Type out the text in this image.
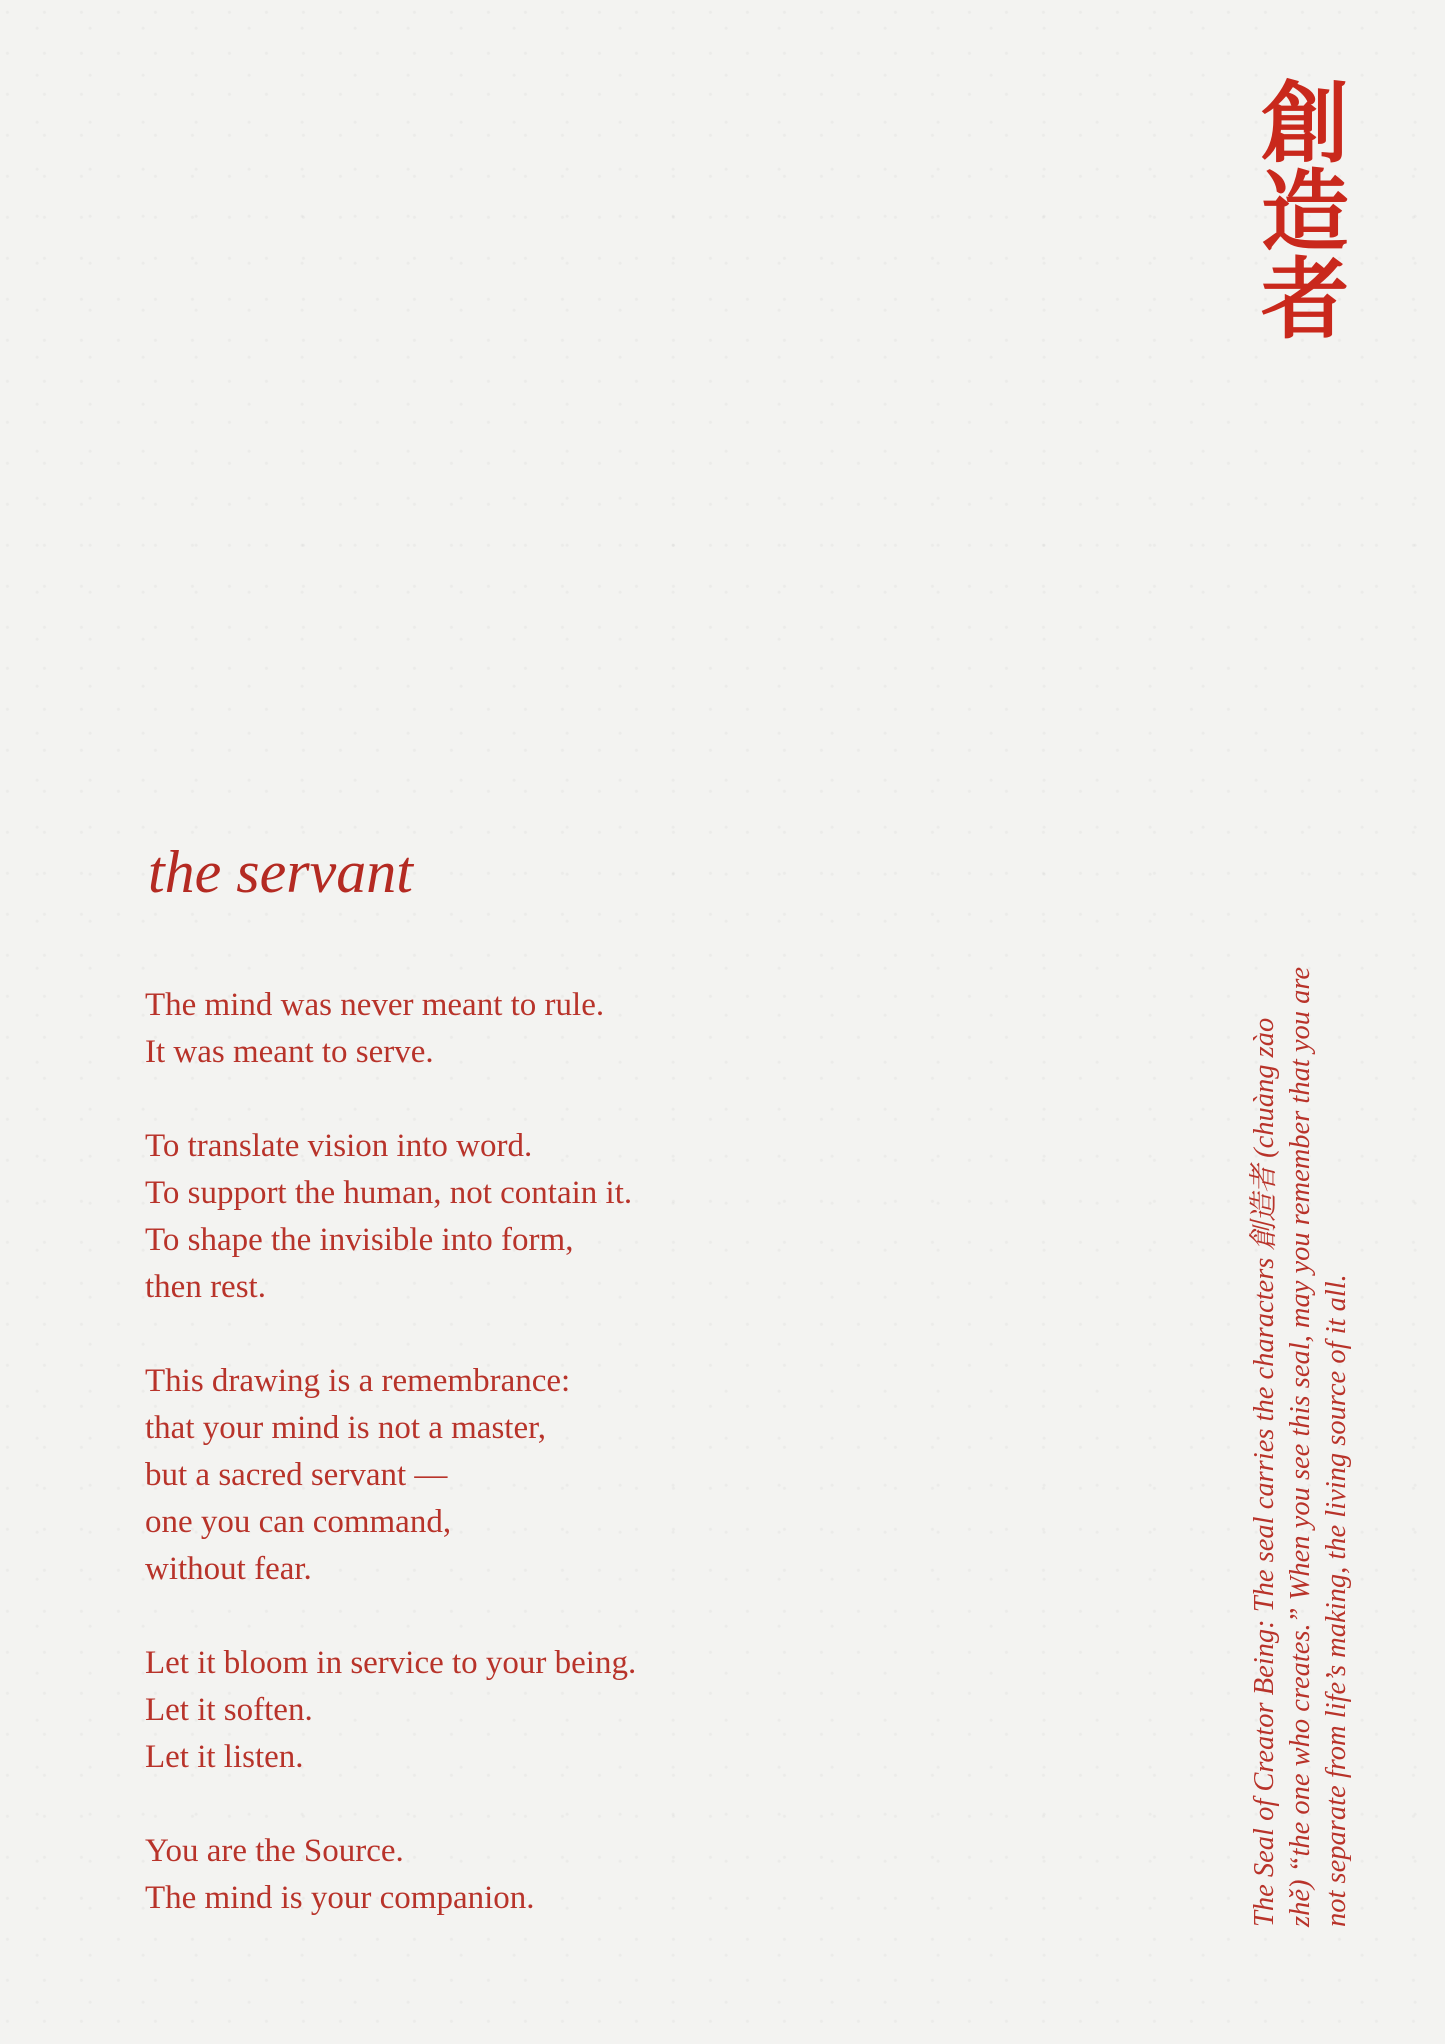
創
造
者
the servant
The mind was never meant to rule.
It was meant to serve.
To translate vision into word.
To support the human, not contain it.
To shape the invisible into form,
then rest.
This drawing is a remembrance:
that your mind is not a master,
but a sacred servant —
one you can command,
without fear.
Let it bloom in service to your being.
Let it soften.
Let it listen.
You are the Source.
The mind is your companion.	The Seal of Creator Being: The seal carries the characters 創造者 (chuàng zào zhě) “the one who creates.” When you see this seal, may you remember that you are not separate from life’s making, the living source of it all.
